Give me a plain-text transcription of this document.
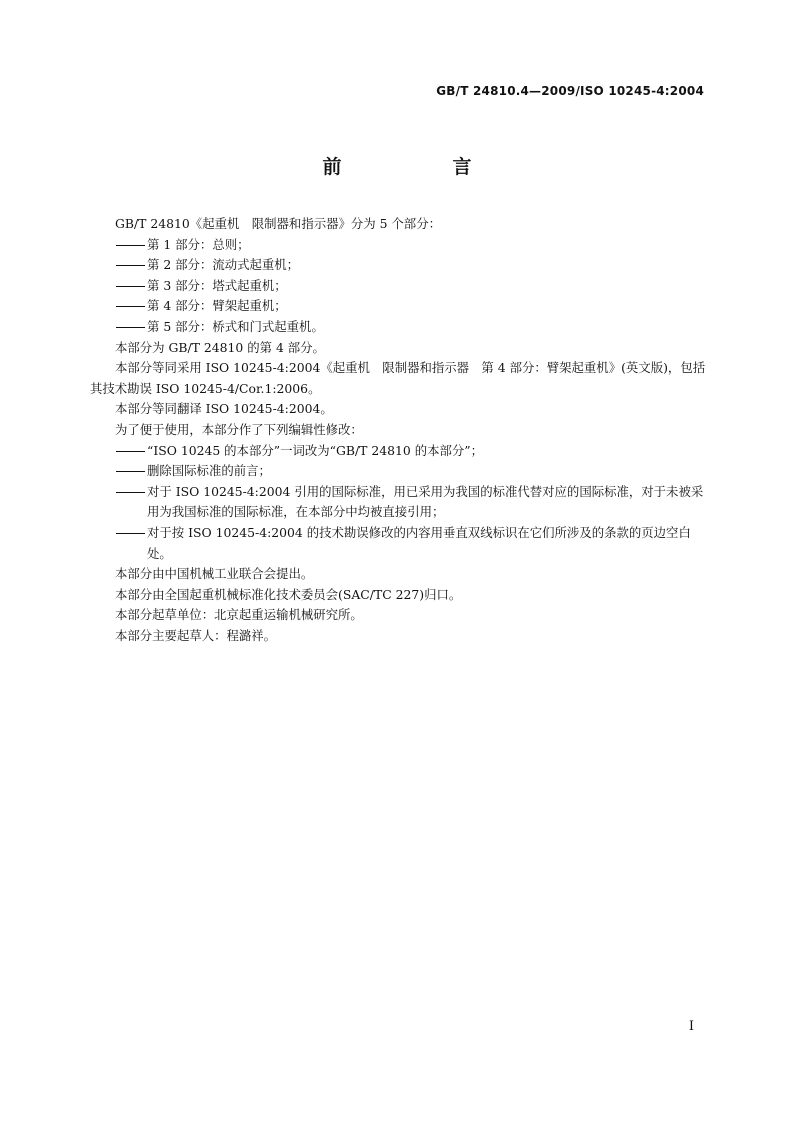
GB/T 24810.4—2009/ISO 10245-4:2004
前　言

GB/T 24810《起重机　限制器和指示器》分为 5 个部分：

第 1 部分：总则；

第 2 部分：流动式起重机；

第 3 部分：塔式起重机；

第 4 部分：臂架起重机；

第 5 部分：桥式和门式起重机。

本部分为 GB/T 24810 的第 4 部分。

本部分等同采用 ISO 10245-4:2004《起重机　限制器和指示器　第 4 部分：臂架起重机》(英文版)，包括其技术勘误 ISO 10245-4/Cor.1:2006。

本部分等同翻译 ISO 10245-4:2004。

为了便于使用，本部分作了下列编辑性修改：

“ISO 10245 的本部分”一词改为“GB/T 24810 的本部分”；

删除国际标准的前言；

对于 ISO 10245-4:2004 引用的国际标准，用已采用为我国的标准代替对应的国际标准，对于未被采用为我国标准的国际标准，在本部分中均被直接引用；

对于按 ISO 10245-4:2004 的技术勘误修改的内容用垂直双线标识在它们所涉及的条款的页边空白处。

本部分由中国机械工业联合会提出。

本部分由全国起重机械标准化技术委员会(SAC/TC 227)归口。

本部分起草单位：北京起重运输机械研究所。

本部分主要起草人：程潞祥。

I
